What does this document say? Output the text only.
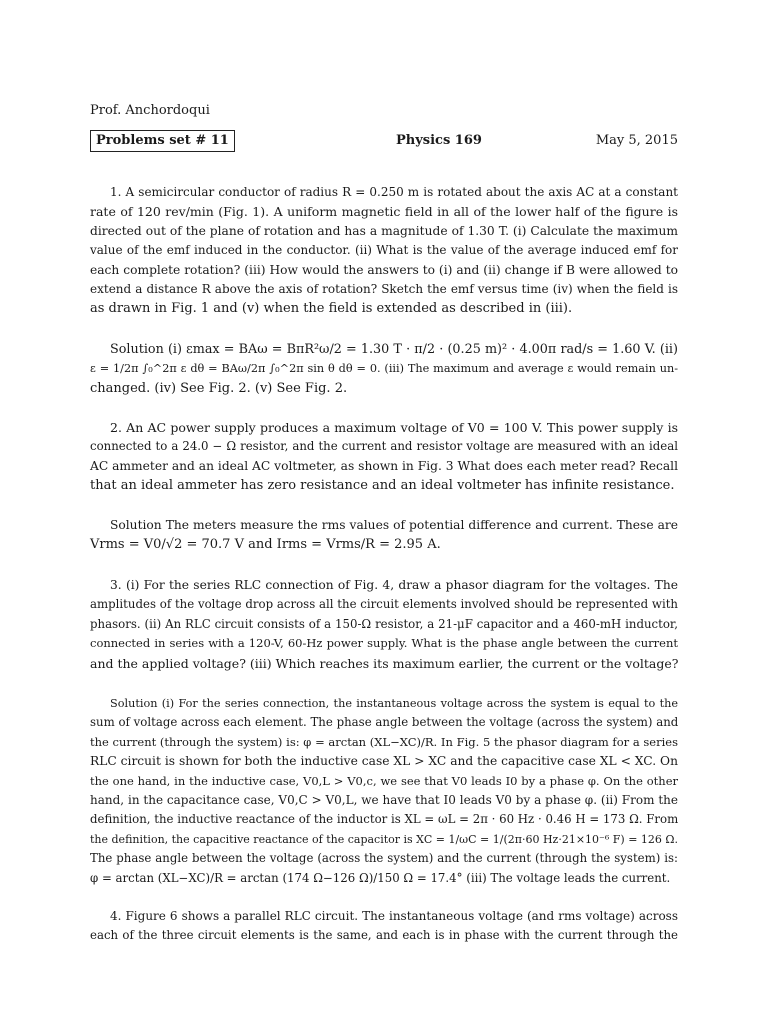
Prof. Anchordoqui
Problems set # 11	Physics 169	May 5, 2015
1. A semicircular conductor of radius R = 0.250 m is rotated about the axis AC at a constant
rate of 120 rev/min (Fig. 1). A uniform magnetic field in all of the lower half of the figure is
directed out of the plane of rotation and has a magnitude of 1.30 T. (i) Calculate the maximum
value of the emf induced in the conductor. (ii) What is the value of the average induced emf for
each complete rotation? (iii) How would the answers to (i) and (ii) change if B were allowed to
extend a distance R above the axis of rotation? Sketch the emf versus time (iv) when the field is
as drawn in Fig. 1 and (v) when the field is extended as described in (iii).
Solution (i) εmax = BAω = BπR²ω/2 = 1.30 T · π/2 · (0.25 m)² · 4.00π rad/s = 1.60 V. (ii)
ε = 1/2π ∫₀^2π ε dθ = BAω/2π ∫₀^2π sin θ dθ = 0. (iii) The maximum and average ε would remain un-
changed. (iv) See Fig. 2. (v) See Fig. 2.
2. An AC power supply produces a maximum voltage of V0 = 100 V. This power supply is
connected to a 24.0 − Ω resistor, and the current and resistor voltage are measured with an ideal
AC ammeter and an ideal AC voltmeter, as shown in Fig. 3 What does each meter read? Recall
that an ideal ammeter has zero resistance and an ideal voltmeter has infinite resistance.
Solution The meters measure the rms values of potential difference and current. These are
Vrms = V0/√2 = 70.7 V and Irms = Vrms/R = 2.95 A.
3. (i) For the series RLC connection of Fig. 4, draw a phasor diagram for the voltages. The
amplitudes of the voltage drop across all the circuit elements involved should be represented with
phasors. (ii) An RLC circuit consists of a 150-Ω resistor, a 21-μF capacitor and a 460-mH inductor,
connected in series with a 120-V, 60-Hz power supply. What is the phase angle between the current
and the applied voltage? (iii) Which reaches its maximum earlier, the current or the voltage?
Solution (i) For the series connection, the instantaneous voltage across the system is equal to the
sum of voltage across each element. The phase angle between the voltage (across the system) and
the current (through the system) is: φ = arctan (XL−XC)/R. In Fig. 5 the phasor diagram for a series
RLC circuit is shown for both the inductive case XL > XC and the capacitive case XL < XC. On
the one hand, in the inductive case, V0,L > V0,c, we see that V0 leads I0 by a phase φ. On the other
hand, in the capacitance case, V0,C > V0,L, we have that I0 leads V0 by a phase φ. (ii) From the
definition, the inductive reactance of the inductor is XL = ωL = 2π · 60 Hz · 0.46 H = 173 Ω. From
the definition, the capacitive reactance of the capacitor is XC = 1/ωC = 1/(2π·60 Hz·21×10⁻⁶ F) = 126 Ω.
The phase angle between the voltage (across the system) and the current (through the system) is:
φ = arctan (XL−XC)/R = arctan (174 Ω−126 Ω)/150 Ω = 17.4° (iii) The voltage leads the current.
4. Figure 6 shows a parallel RLC circuit. The instantaneous voltage (and rms voltage) across
each of the three circuit elements is the same, and each is in phase with the current through the
